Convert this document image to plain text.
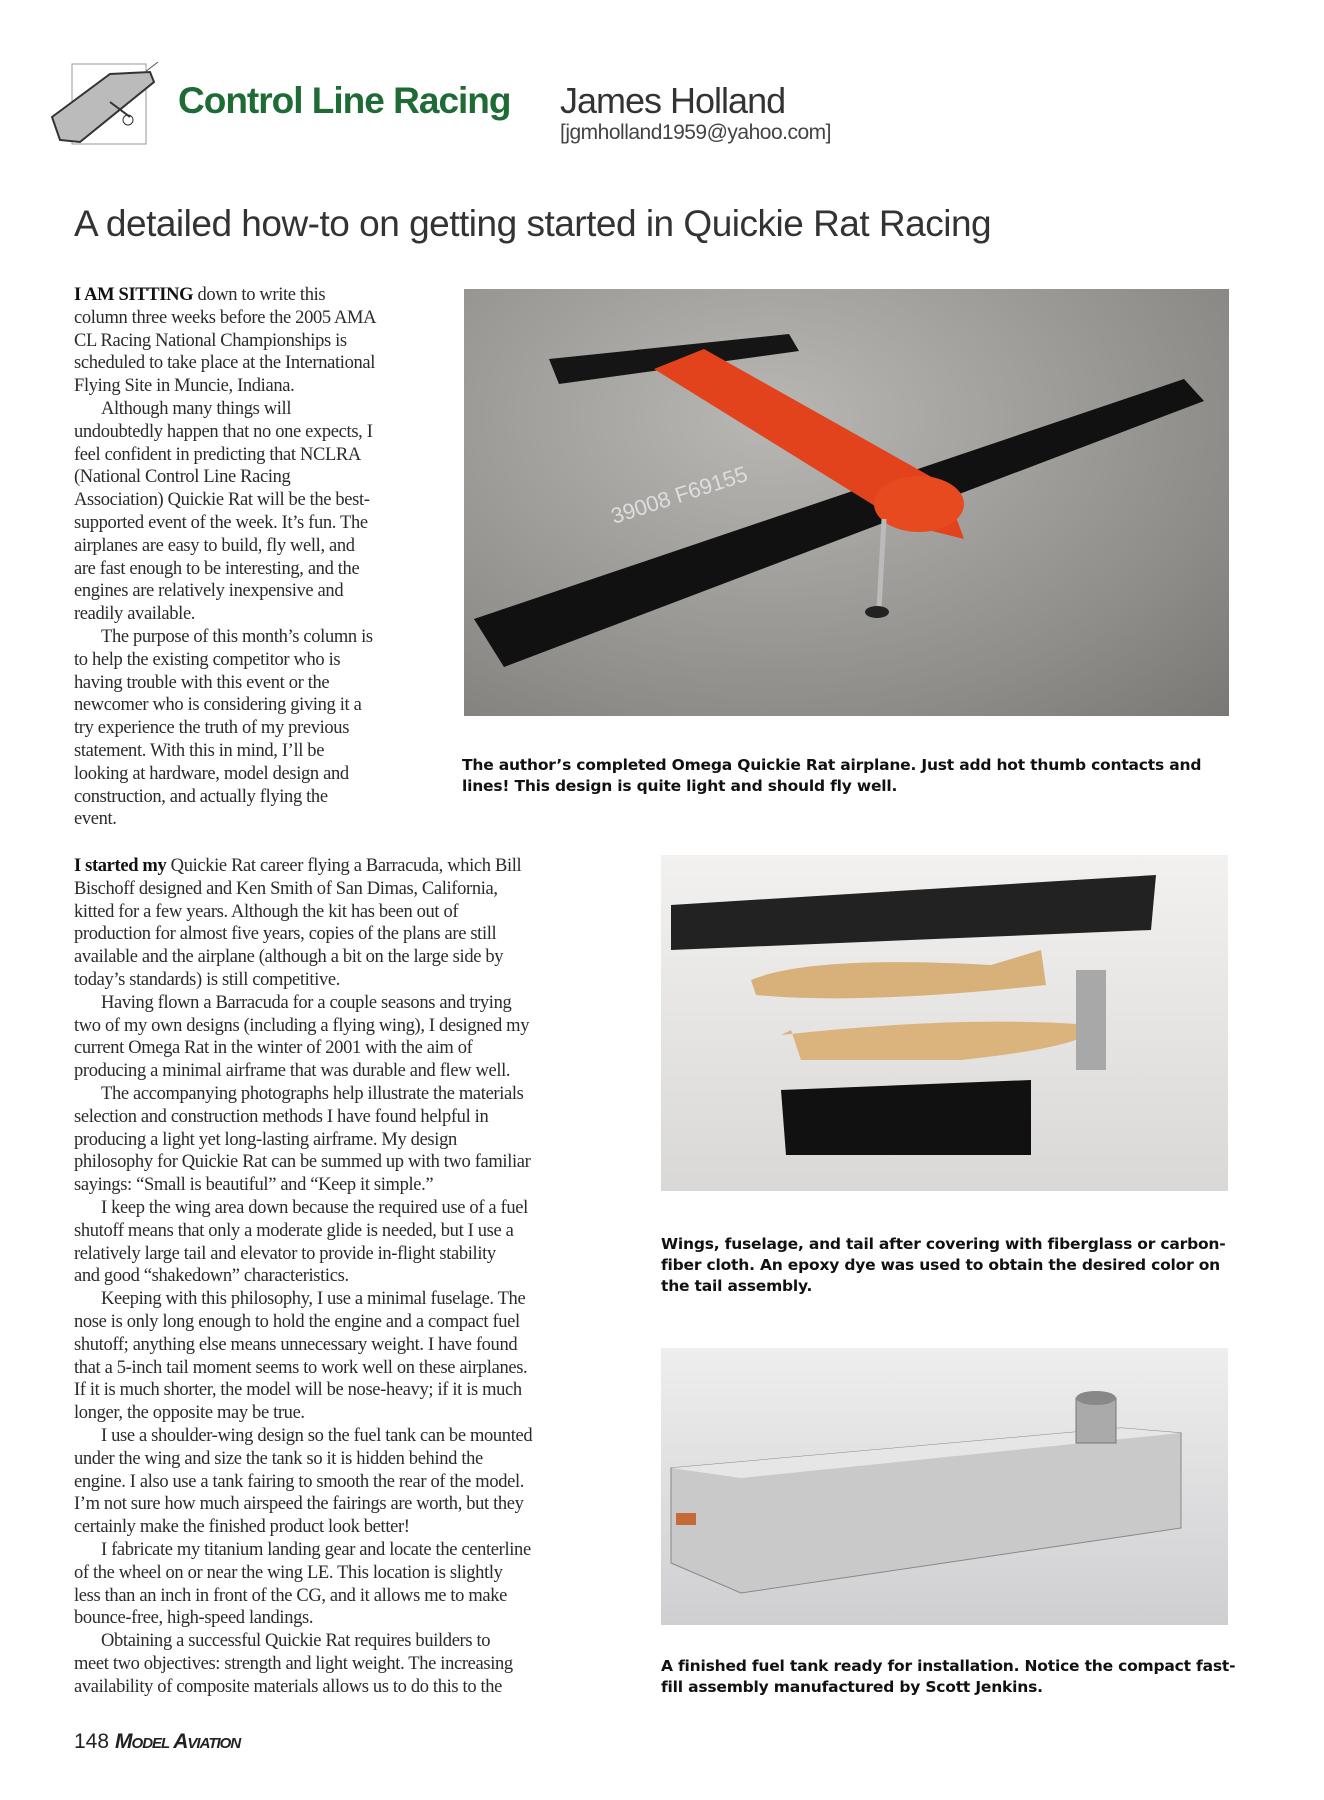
Control Line Racing James Holland
[jgmholland1959@yahoo.com]
A detailed how-to on getting started in Quickie Rat Racing
I AM SITTING down to write this
column three weeks before the 2005 AMA
CL Racing National Championships is
scheduled to take place at the International
Flying Site in Muncie, Indiana.
Although many things will
undoubtedly happen that no one expects, I
feel confident in predicting that NCLRA
(National Control Line Racing
Association) Quickie Rat will be the best-
supported event of the week. It’s fun. The
airplanes are easy to build, fly well, and
are fast enough to be interesting, and the
engines are relatively inexpensive and
readily available.
The purpose of this month’s column is
to help the existing competitor who is
having trouble with this event or the
newcomer who is considering giving it a
try experience the truth of my previous
statement. With this in mind, I’ll be
looking at hardware, model design and
construction, and actually flying the
event.
I started my Quickie Rat career flying a Barracuda, which Bill
Bischoff designed and Ken Smith of San Dimas, California,
kitted for a few years. Although the kit has been out of
production for almost five years, copies of the plans are still
available and the airplane (although a bit on the large side by
today’s standards) is still competitive.
Having flown a Barracuda for a couple seasons and trying
two of my own designs (including a flying wing), I designed my
current Omega Rat in the winter of 2001 with the aim of
producing a minimal airframe that was durable and flew well.
The accompanying photographs help illustrate the materials
selection and construction methods I have found helpful in
producing a light yet long-lasting airframe. My design
philosophy for Quickie Rat can be summed up with two familiar
sayings: “Small is beautiful” and “Keep it simple.”
I keep the wing area down because the required use of a fuel
shutoff means that only a moderate glide is needed, but I use a
relatively large tail and elevator to provide in-flight stability
and good “shakedown” characteristics.
Keeping with this philosophy, I use a minimal fuselage. The
nose is only long enough to hold the engine and a compact fuel
shutoff; anything else means unnecessary weight. I have found
that a 5-inch tail moment seems to work well on these airplanes.
If it is much shorter, the model will be nose-heavy; if it is much
longer, the opposite may be true.
I use a shoulder-wing design so the fuel tank can be mounted
under the wing and size the tank so it is hidden behind the
engine. I also use a tank fairing to smooth the rear of the model.
I’m not sure how much airspeed the fairings are worth, but they
certainly make the finished product look better!
I fabricate my titanium landing gear and locate the centerline
of the wheel on or near the wing LE. This location is slightly
less than an inch in front of the CG, and it allows me to make
bounce-free, high-speed landings.
Obtaining a successful Quickie Rat requires builders to
meet two objectives: strength and light weight. The increasing
availability of composite materials allows us to do this to the
39008 F69155
The author’s completed Omega Quickie Rat airplane. Just add hot thumb contacts and lines! This design is quite light and should fly well.
Wings, fuselage, and tail after covering with fiberglass or carbon-fiber cloth. An epoxy dye was used to obtain the desired color on the tail assembly.
A finished fuel tank ready for installation. Notice the compact fast-fill assembly manufactured by Scott Jenkins.
148 Model Aviation
